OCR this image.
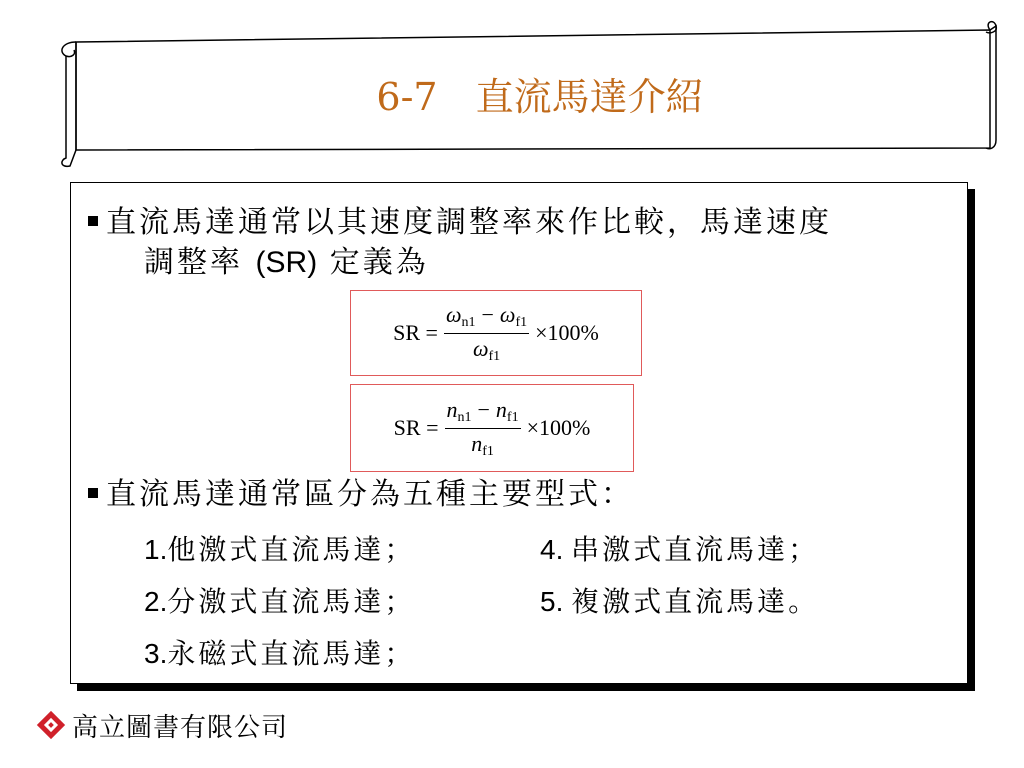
6-7　直流馬達介紹
直流馬達通常以其速度調整率來作比較，馬達速度
調整率 (SR) 定義為
SR = $\frac{\omega_{n1} - \omega_{f1}}{\omega_{f1}} \times 100\%$
SR = $\frac{n_{n1} - n_{f1}}{n_{f1}} \times 100\%$
直流馬達通常區分為五種主要型式：
1.他激式直流馬達；
2.分激式直流馬達；
3.永磁式直流馬達；
4. 串激式直流馬達；
5. 複激式直流馬達。
高立圖書有限公司
